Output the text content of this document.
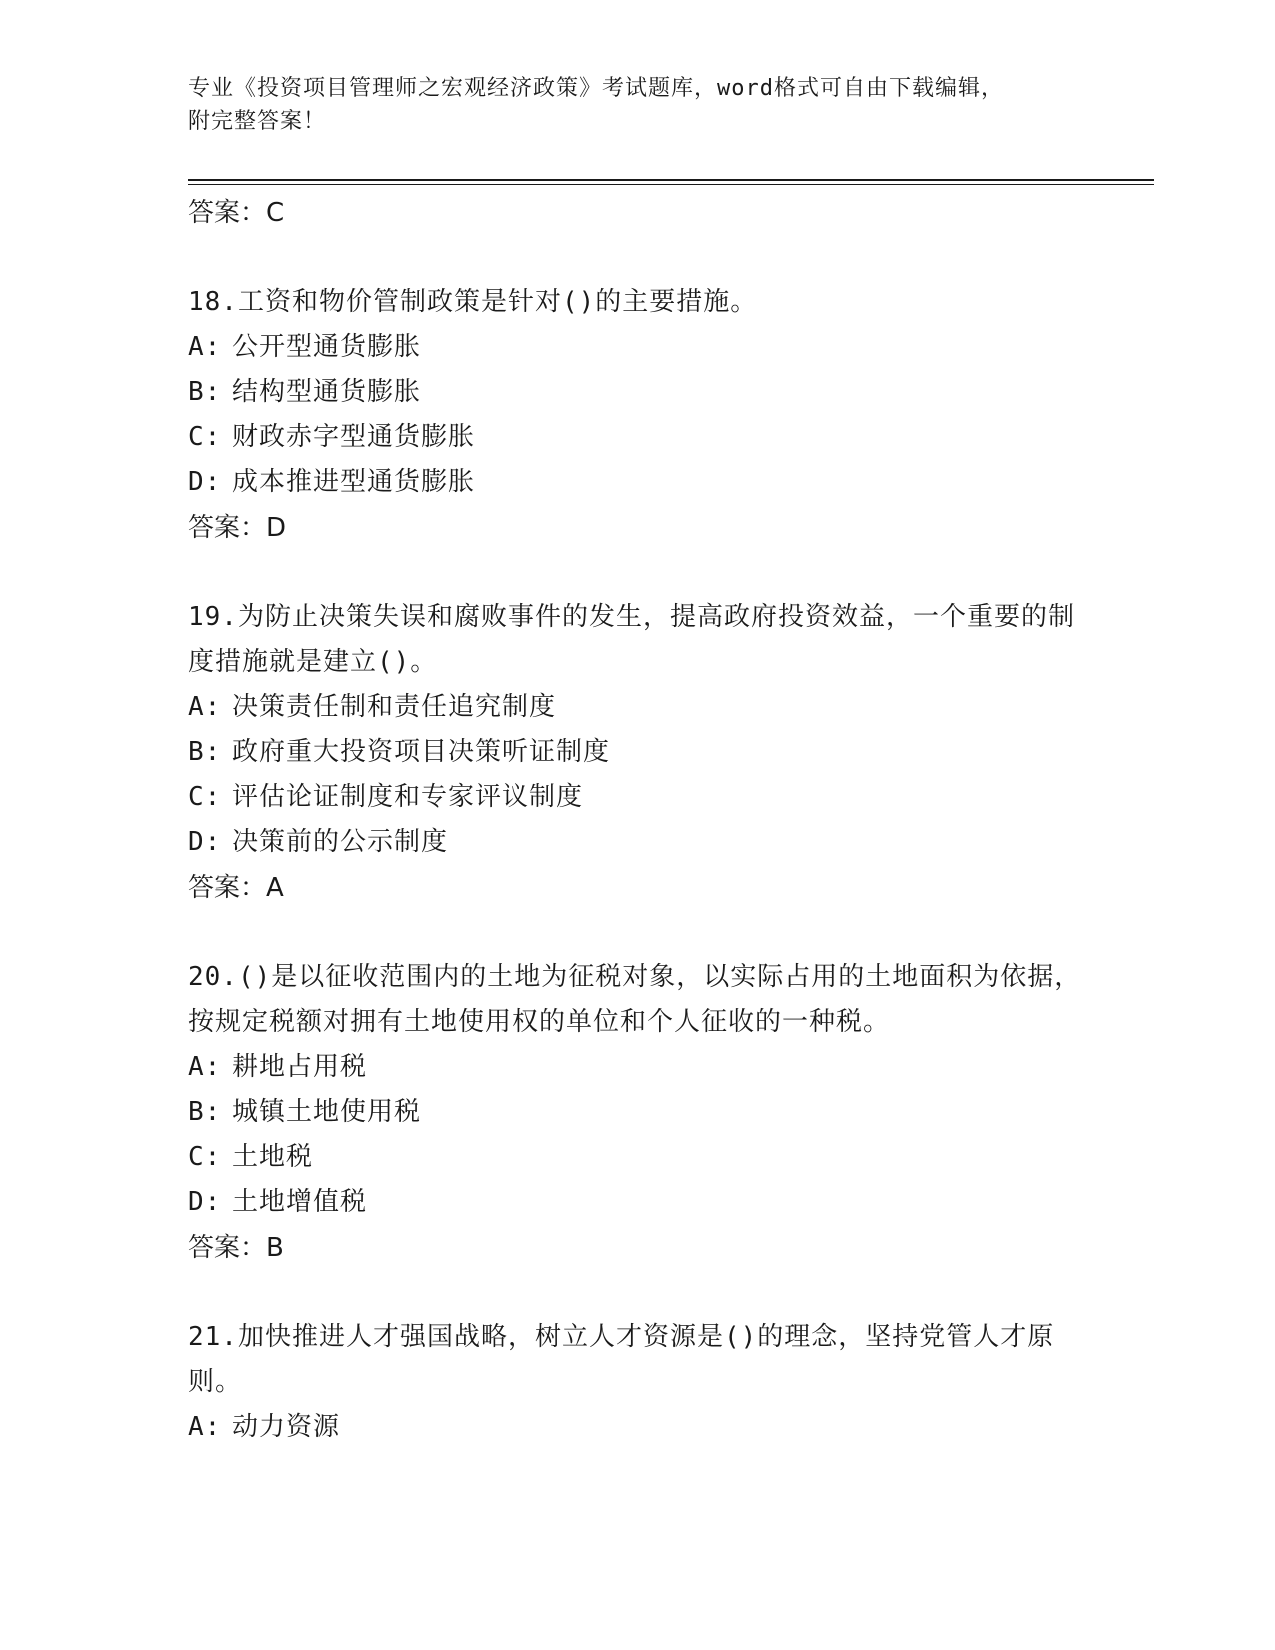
专业《投资项目管理师之宏观经济政策》考试题库，word格式可自由下载编辑，
附完整答案！
答案：C
18.工资和物价管制政策是针对()的主要措施。
A: 公开型通货膨胀
B: 结构型通货膨胀
C: 财政赤字型通货膨胀
D: 成本推进型通货膨胀
答案：D
19.为防止决策失误和腐败事件的发生，提高政府投资效益，一个重要的制度措施就是建立()。
A: 决策责任制和责任追究制度
B: 政府重大投资项目决策听证制度
C: 评估论证制度和专家评议制度
D: 决策前的公示制度
答案：A
20.()是以征收范围内的土地为征税对象，以实际占用的土地面积为依据，按规定税额对拥有土地使用权的单位和个人征收的一种税。
A: 耕地占用税
B: 城镇土地使用税
C: 土地税
D: 土地增值税
答案：B
21.加快推进人才强国战略，树立人才资源是()的理念，坚持党管人才原则。
A: 动力资源
